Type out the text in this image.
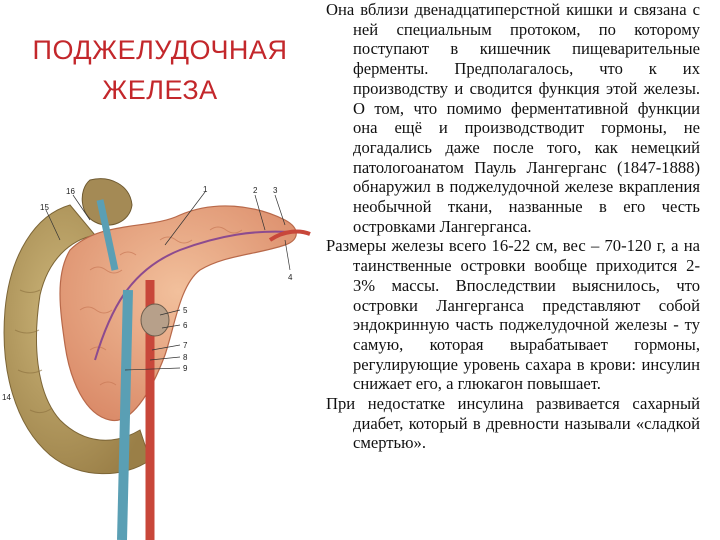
ПОДЖЕЛУДОЧНАЯ
ЖЕЛЕЗА
16
15
1	2 3
4
5
6
7
8
9
14

Она вблизи двенадцатиперстной кишки и связана с ней специальным протоком, по которому поступают в кишечник пищеварительные ферменты. Предполагалось, что к их производству и сводится функция этой железы. О том, что помимо ферментативной функции она ещё и производстводит гормоны, не догадались даже после того, как немецкий патологоанатом Пауль Лангерганс (1847-1888) обнаружил в поджелудочной железе вкрапления необычной ткани, названные в его честь островками Лангерганса.

Размеры железы всего 16-22 см, вес – 70-120 г, а на таинственные островки вообще приходится 2-3% массы. Впоследствии выяснилось, что островки Лангерганса представляют собой эндокринную часть поджелудочной железы - ту самую, которая вырабатывает гормоны, регулирующие уровень сахара в крови: инсулин снижает его, а глюкагон повышает.

При недостатке инсулина развивается сахарный диабет, который в древности называли «сладкой смертью».
